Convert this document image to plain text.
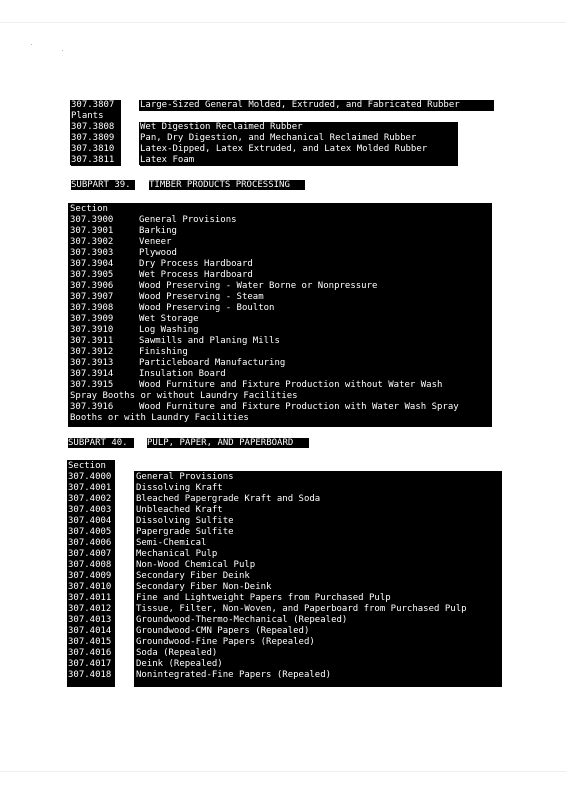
307.3807	Large-Sized General Molded, Extruded, and Fabricated Rubber
Plants
307.3808	Wet Digestion Reclaimed Rubber
307.3809	Pan, Dry Digestion, and Mechanical Reclaimed Rubber
307.3810	Latex-Dipped, Latex Extruded, and Latex Molded Rubber
307.3811	Latex Foam
SUBPART 39.	TIMBER PRODUCTS PROCESSING
Section
307.3900	General Provisions
307.3901	Barking
307.3902	Veneer
307.3903	Plywood
307.3904	Dry Process Hardboard
307.3905	Wet Process Hardboard
307.3906	Wood Preserving - Water Borne or Nonpressure
307.3907	Wood Preserving - Steam
307.3908	Wood Preserving - Boulton
307.3909	Wet Storage
307.3910	Log Washing
307.3911	Sawmills and Planing Mills
307.3912	Finishing
307.3913	Particleboard Manufacturing
307.3914	Insulation Board
307.3915	Wood Furniture and Fixture Production without Water Wash
Spray Booths or without Laundry Facilities
307.3916	Wood Furniture and Fixture Production with Water Wash Spray
Booths or with Laundry Facilities
SUBPART 40.	PULP, PAPER, AND PAPERBOARD
Section
307.4000	General Provisions
307.4001	Dissolving Kraft
307.4002	Bleached Papergrade Kraft and Soda
307.4003	Unbleached Kraft
307.4004	Dissolving Sulfite
307.4005	Papergrade Sulfite
307.4006	Semi-Chemical
307.4007	Mechanical Pulp
307.4008	Non-Wood Chemical Pulp
307.4009	Secondary Fiber Deink
307.4010	Secondary Fiber Non-Deink
307.4011	Fine and Lightweight Papers from Purchased Pulp
307.4012	Tissue, Filter, Non-Woven, and Paperboard from Purchased Pulp
307.4013	Groundwood-Thermo-Mechanical (Repealed)
307.4014	Groundwood-CMN Papers (Repealed)
307.4015	Groundwood-Fine Papers (Repealed)
307.4016	Soda (Repealed)
307.4017	Deink (Repealed)
307.4018	Nonintegrated-Fine Papers (Repealed)
